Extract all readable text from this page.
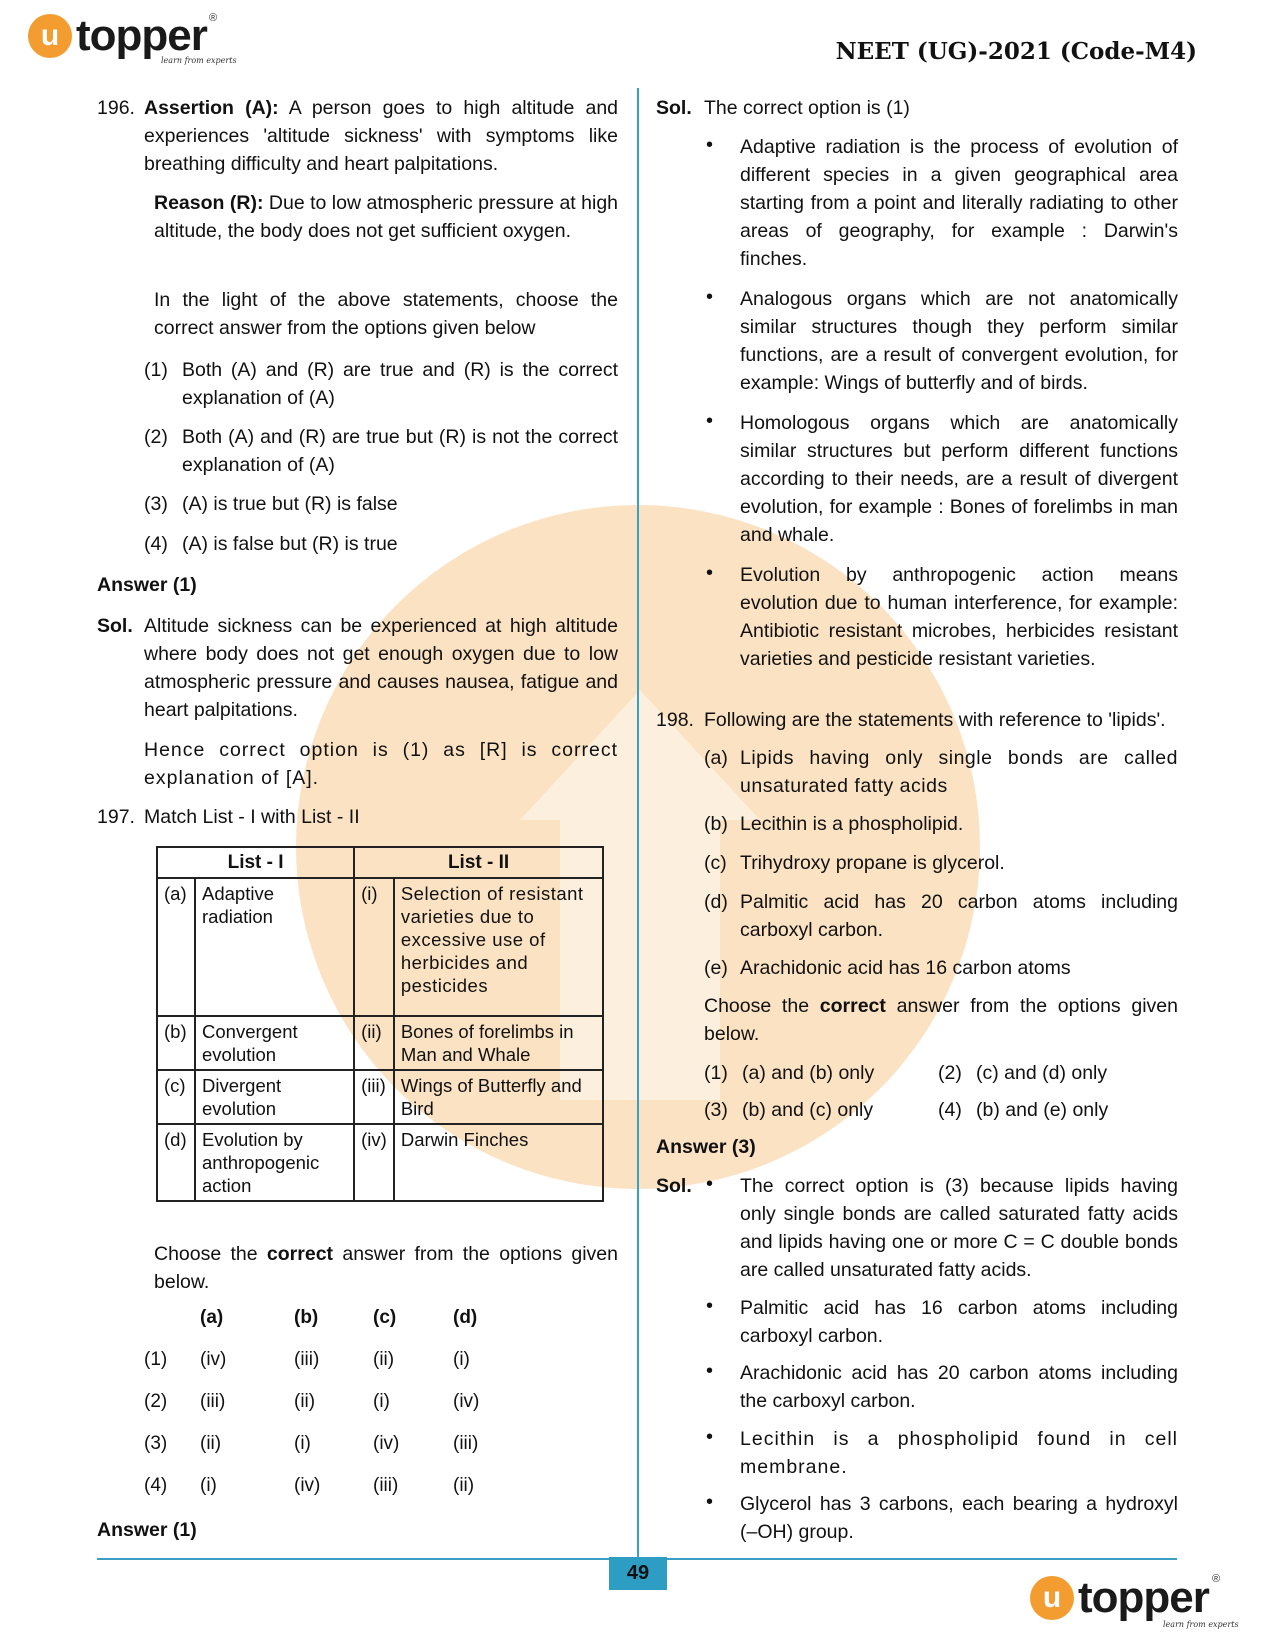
u topper ®
learn from experts	NEET (UG)-2021 (Code-M4)
196. Assertion (A): A person goes to high altitude and experiences 'altitude sickness' with symptoms like breathing difficulty and heart palpitations.
Reason (R): Due to low atmospheric pressure at high altitude, the body does not get sufficient oxygen.
In the light of the above statements, choose the correct answer from the options given below
(1) Both (A) and (R) are true and (R) is the correct explanation of (A)
(2) Both (A) and (R) are true but (R) is not the correct explanation of (A)
(3) (A) is true but (R) is false
(4) (A) is false but (R) is true
Answer (1)
Sol. Altitude sickness can be experienced at high altitude where body does not get enough oxygen due to low atmospheric pressure and causes nausea, fatigue and heart palpitations.
Hence correct option is (1) as [R] is correct explanation of [A].
197. Match List - I with List - II
List - I		List - II	
(a)	Adaptive radiation	(i)	Selection of resistant varieties due to excessive use of herbicides and pesticides
(b)	Convergent evolution	(ii)	Bones of forelimbs in Man and Whale
(c)	Divergent evolution	(iii)	Wings of Butterfly and Bird
(d)	Evolution by anthropogenic action	(iv)	Darwin Finches
Choose the correct answer from the options given below.
(a)	(b)	(c)	(d)
(1) (iv)	(iii)	(ii)	(i)
(2) (iii)	(ii)	(i)	(iv)
(3) (ii)	(i)	(iv)	(iii)
(4) (i)	(iv)	(iii)	(ii)
Answer (1)
Sol. The correct option is (1)
• Adaptive radiation is the process of evolution of different species in a given geographical area starting from a point and literally radiating to other areas of geography, for example : Darwin's finches.
• Analogous organs which are not anatomically similar structures though they perform similar functions, are a result of convergent evolution, for example: Wings of butterfly and of birds.
• Homologous organs which are anatomically similar structures but perform different functions according to their needs, are a result of divergent evolution, for example : Bones of forelimbs in man and whale.
• Evolution by anthropogenic action means evolution due to human interference, for example: Antibiotic resistant microbes, herbicides resistant varieties and pesticide resistant varieties.
198. Following are the statements with reference to 'lipids'.
(a) Lipids having only single bonds are called unsaturated fatty acids
(b) Lecithin is a phospholipid.
(c) Trihydroxy propane is glycerol.
(d) Palmitic acid has 20 carbon atoms including carboxyl carbon.
(e) Arachidonic acid has 16 carbon atoms
Choose the correct answer from the options given below.
(1) (a) and (b) only	(2) (c) and (d) only
(3) (b) and (c) only	(4) (b) and (e) only
Answer (3)
Sol. • The correct option is (3) because lipids having only single bonds are called saturated fatty acids and lipids having one or more C = C double bonds are called unsaturated fatty acids.
• Palmitic acid has 16 carbon atoms including carboxyl carbon.
• Arachidonic acid has 20 carbon atoms including the carboxyl carbon.
• Lecithin is a phospholipid found in cell membrane.
• Glycerol has 3 carbons, each bearing a hydroxyl (–OH) group.
49
u topper ®
learn from experts
